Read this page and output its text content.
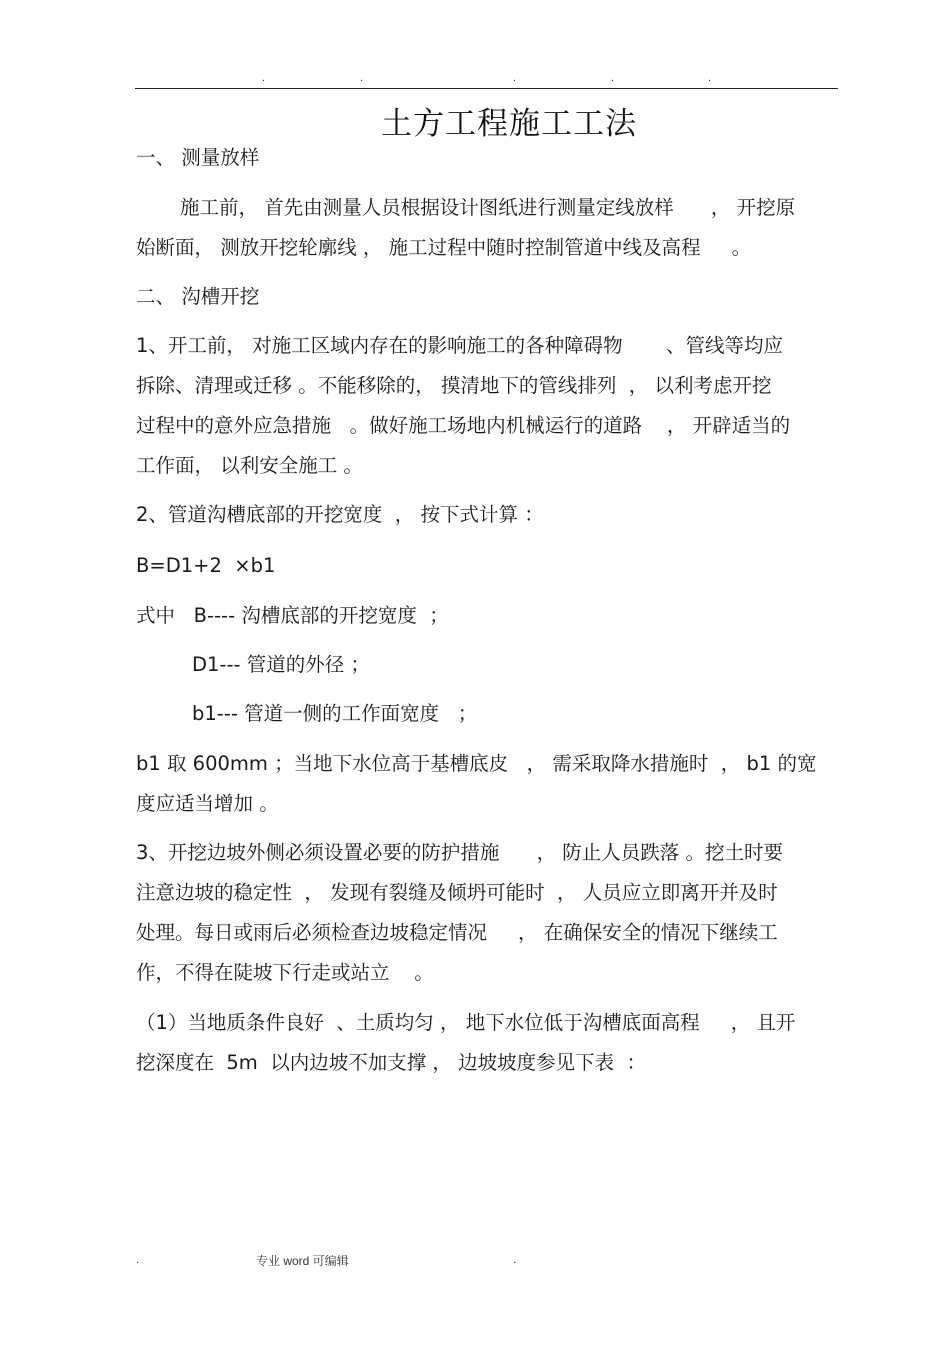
.	.	.	.	.
土方工程施工工法
一、 测量放样
施工前， 首先由测量人员根据设计图纸进行测量定线放样      ， 开挖原
始断面， 测放开挖轮廓线 ， 施工过程中随时控制管道中线及高程     。
二、 沟槽开挖
1、开工前， 对施工区域内存在的影响施工的各种障碍物       、管线等均应
拆除、清理或迁移 。不能移除的， 摸清地下的管线排列  ， 以利考虑开挖
过程中的意外应急措施   。做好施工场地内机械运行的道路    ， 开辟适当的
工作面， 以利安全施工 。
2、管道沟槽底部的开挖宽度  ， 按下式计算 ：
B=D1+2  ×b1
式中   B---- 沟槽底部的开挖宽度  ；
D1--- 管道的外径 ；
b1--- 管道一侧的工作面宽度   ；
b1 取 600mm ；当地下水位高于基槽底皮   ， 需采取降水措施时  ， b1 的宽
度应适当增加 。
3、开挖边坡外侧必须设置必要的防护措施      ， 防止人员跌落 。挖土时要
注意边坡的稳定性  ， 发现有裂缝及倾坍可能时  ， 人员应立即离开并及时
处理。每日或雨后必须检查边坡稳定情况     ， 在确保安全的情况下继续工
作，不得在陡坡下行走或站立    。
（1）当地质条件良好  、土质均匀 ， 地下水位低于沟槽底面高程     ， 且开
挖深度在  5m  以内边坡不加支撑 ， 边坡坡度参见下表  ：
.	专业 word 可编辑	.
